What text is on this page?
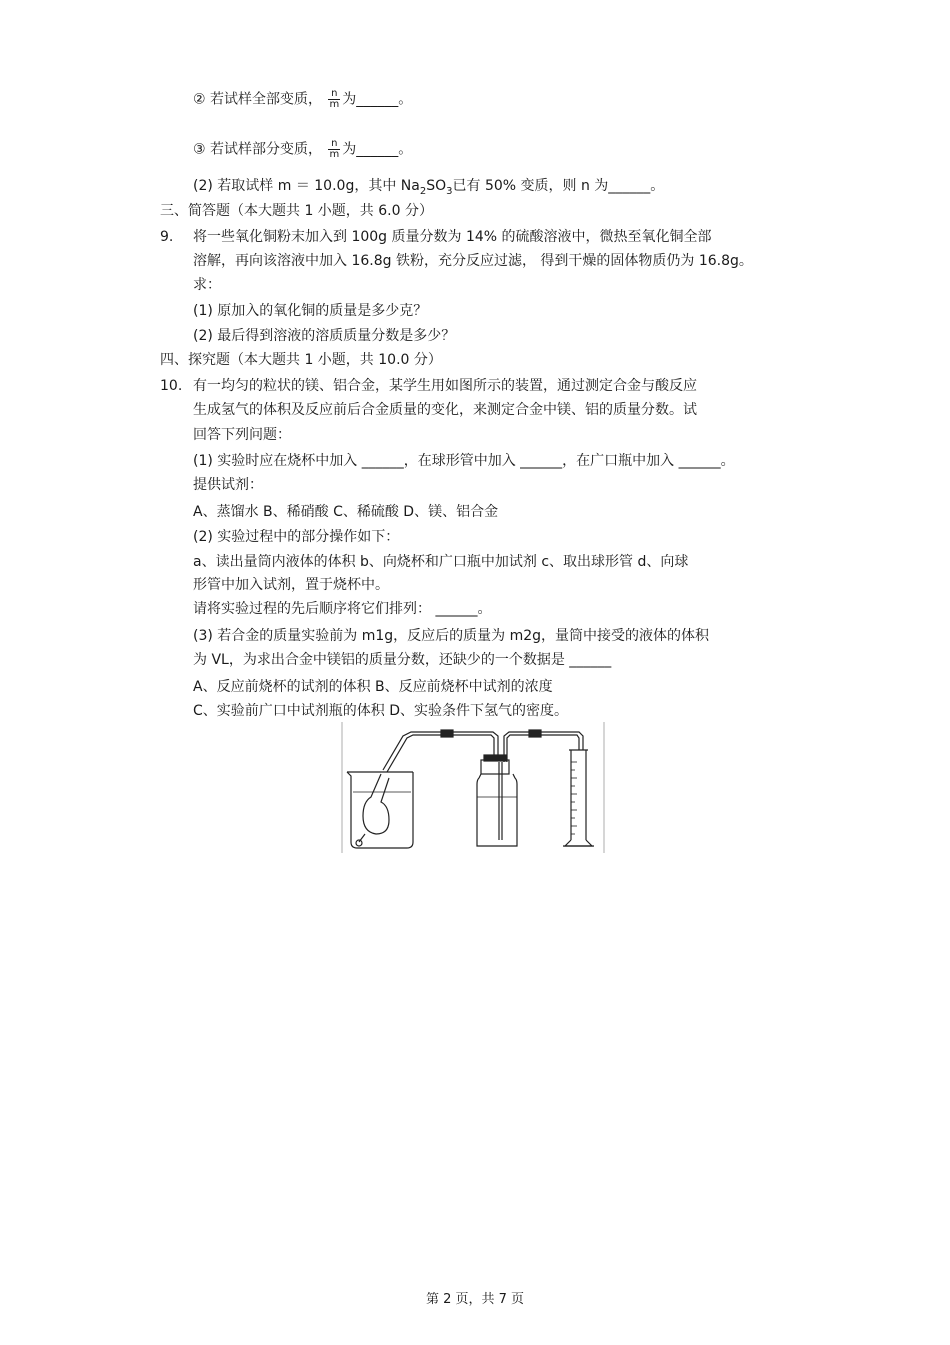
② 若试样全部变质， $\frac{n}{m}$ 为______。
③ 若试样部分变质， $\frac{n}{m}$ 为______。
(2) 若取试样 m ＝ 10.0g，其中 $Na_2SO_3$已有 50% 变质，则 n 为______。
三、简答题（本大题共 1 小题，共 6.0 分）
9. 将一些氧化铜粉末加入到 100g 质量分数为 14% 的硫酸溶液中，微热至氧化铜全部
溶解，再向该溶液中加入 16.8g 铁粉，充分反应过滤， 得到干燥的固体物质仍为 16.8g。
求：
(1) 原加入的氧化铜的质量是多少克？
(2) 最后得到溶液的溶质质量分数是多少？
四、探究题（本大题共 1 小题，共 10.0 分）
10. 有一均匀的粒状的镁、铝合金，某学生用如图所示的装置，通过测定合金与酸反应
生成氢气的体积及反应前后合金质量的变化，来测定合金中镁、铝的质量分数。试
回答下列问题：
(1) 实验时应在烧杯中加入 ______，在球形管中加入 ______，在广口瓶中加入 ______。
提供试剂：
A、蒸馏水 B、稀硝酸 C、稀硫酸 D、镁、铝合金
(2) 实验过程中的部分操作如下：
a、读出量筒内液体的体积 b、向烧杯和广口瓶中加试剂 c、取出球形管 d、向球
形管中加入试剂，置于烧杯中。
请将实验过程的先后顺序将它们排列： ______。
(3) 若合金的质量实验前为 m1g，反应后的质量为 m2g，量筒中接受的液体的体积
为 VL，为求出合金中镁铝的质量分数，还缺少的一个数据是 ______
A、反应前烧杯的试剂的体积 B、反应前烧杯中试剂的浓度
C、实验前广口中试剂瓶的体积 D、实验条件下氢气的密度。
第 2 页，共 7 页
